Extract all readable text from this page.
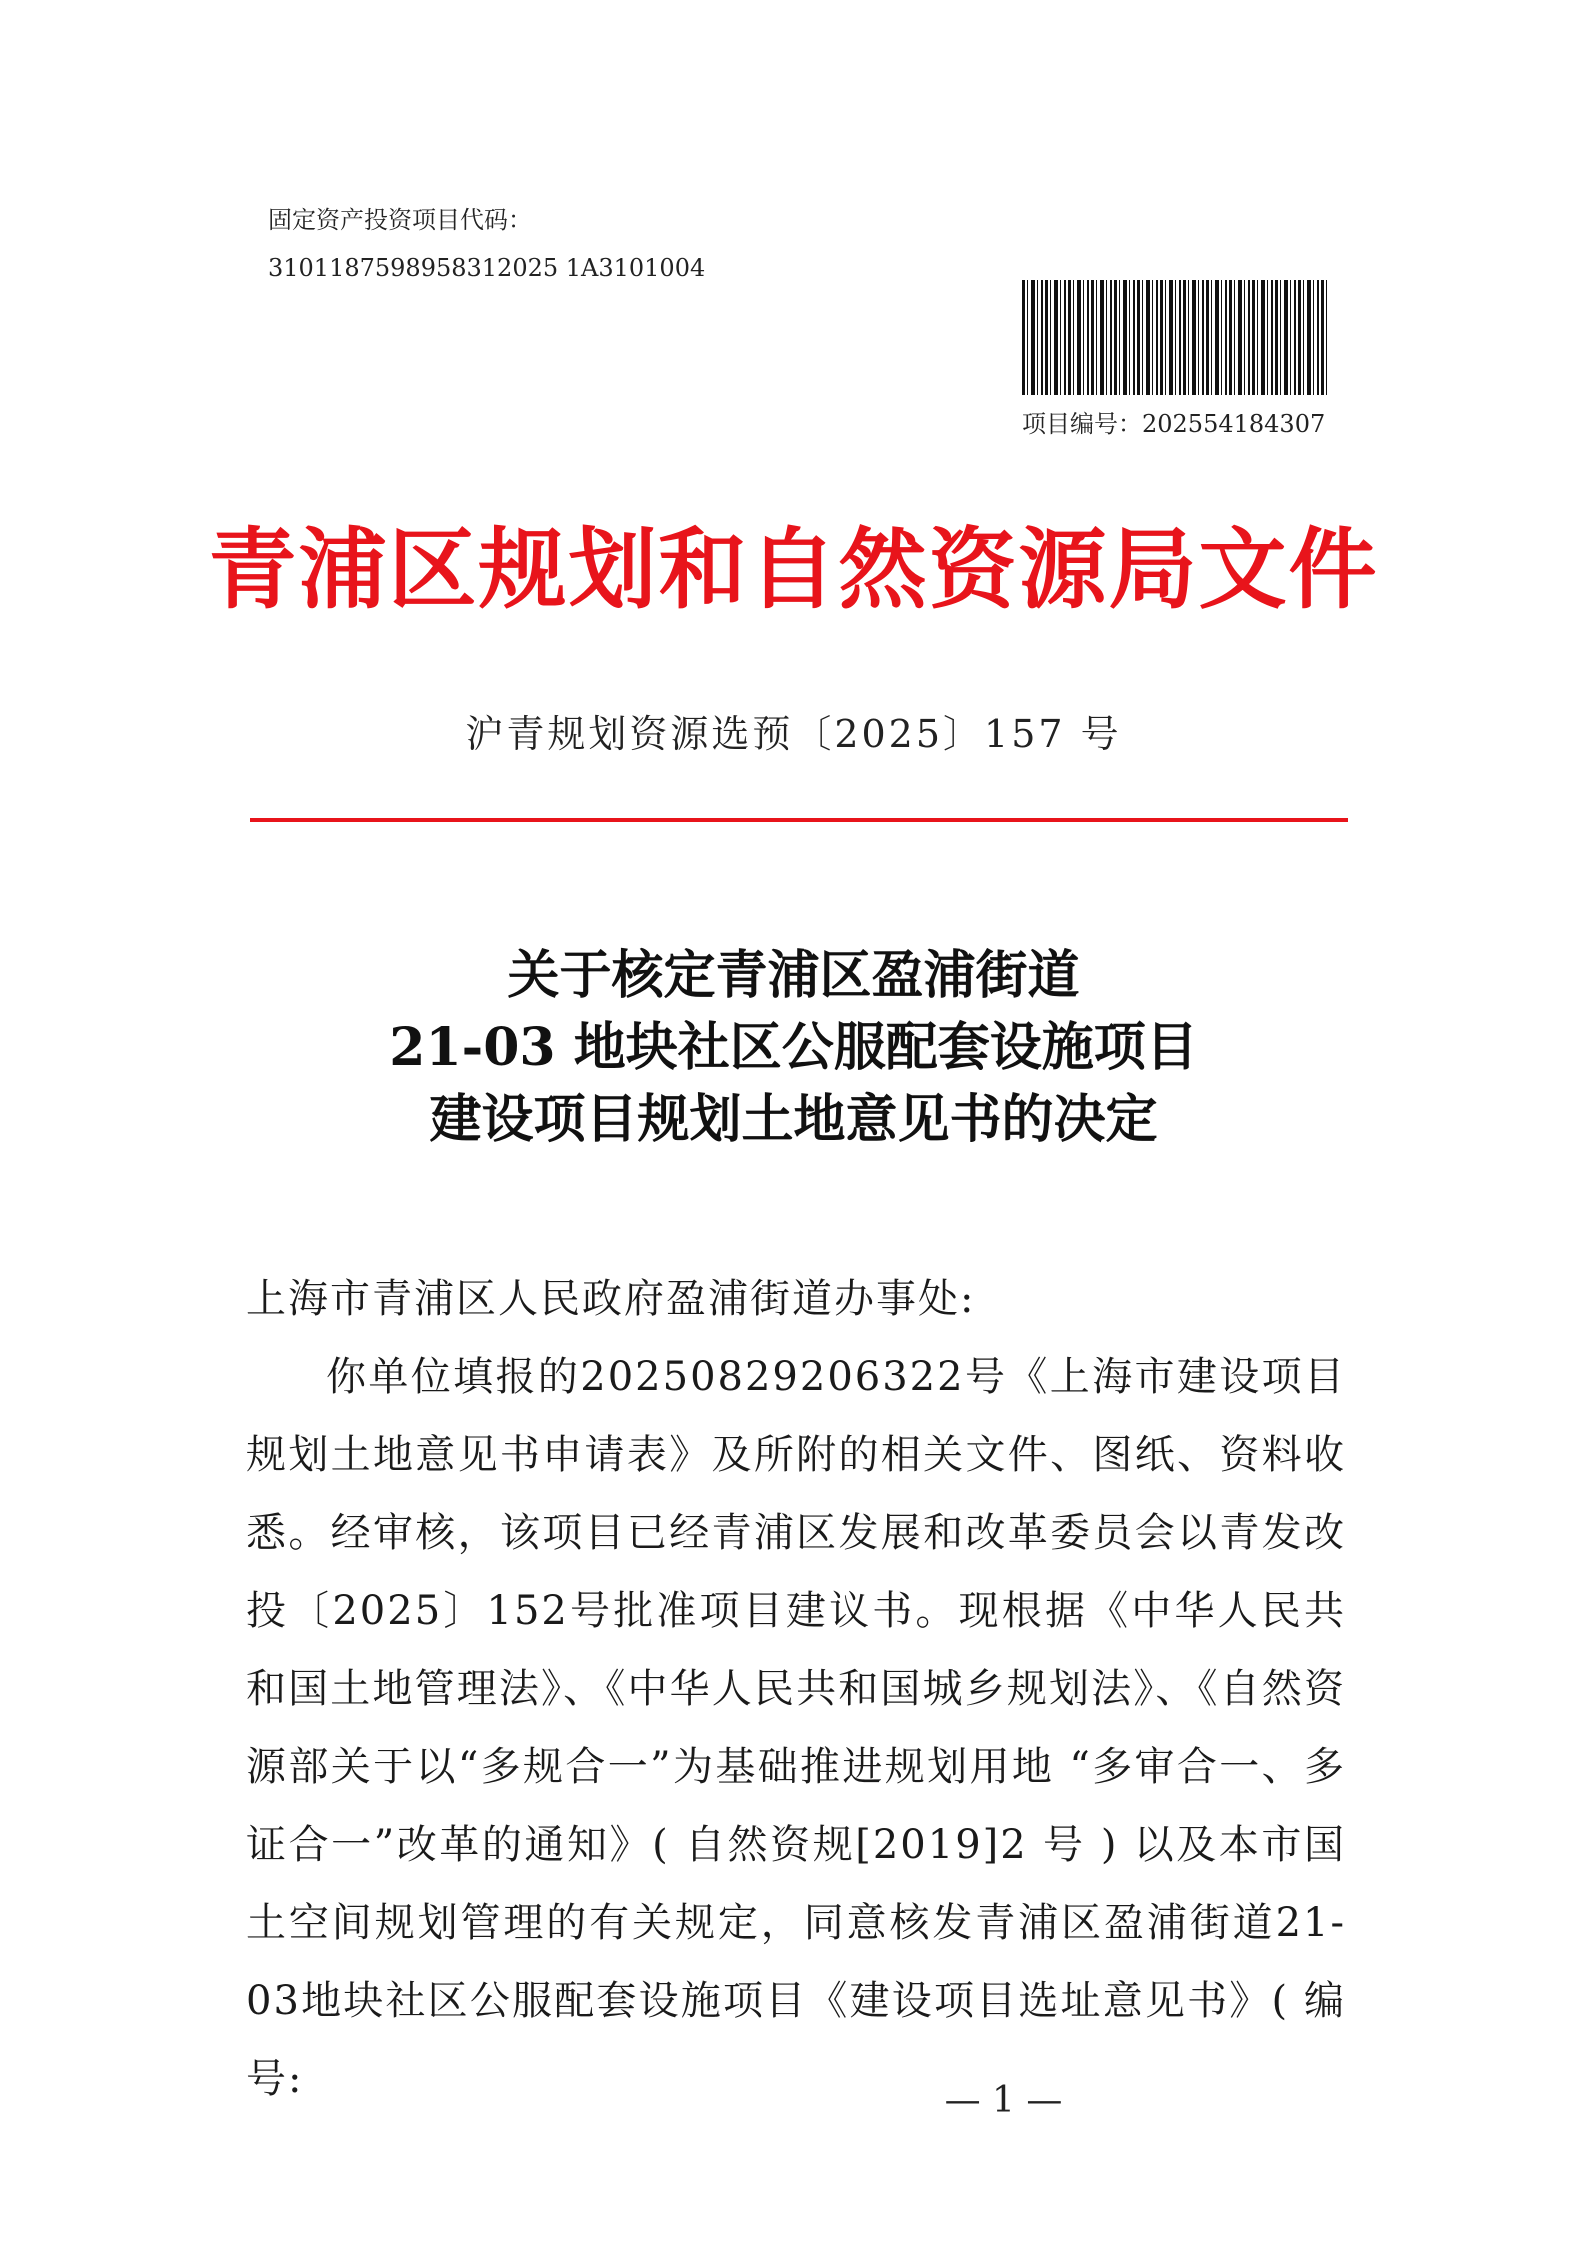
固定资产投资项目代码：
3101187598958312025 1A3101004
项目编号：202554184307
青浦区规划和自然资源局文件
沪青规划资源选预〔2025〕157 号
关于核定青浦区盈浦街道
21-03 地块社区公服配套设施项目
建设项目规划土地意见书的决定

上海市青浦区人民政府盈浦街道办事处:

你单位填报的20250829206322号《上海市建设项目规划土地意见书申请表》及所附的相关文件、图纸、资料收悉。经审核，该项目已经青浦区发展和改革委员会以青发改投〔2025〕152号批准项目建议书。现根据《中华人民共和国土地管理法》、《中华人民共和国城乡规划法》、《自然资源部关于以“多规合一”为基础推进规划用地 “多审合一、多证合一”改革的通知》( 自然资规[2019]2 号 ) 以及本市国土空间规划管理的有关规定，同意核发青浦区盈浦街道21-03地块社区公服配套设施项目《建设项目选址意见书》( 编号:	— 1 —
